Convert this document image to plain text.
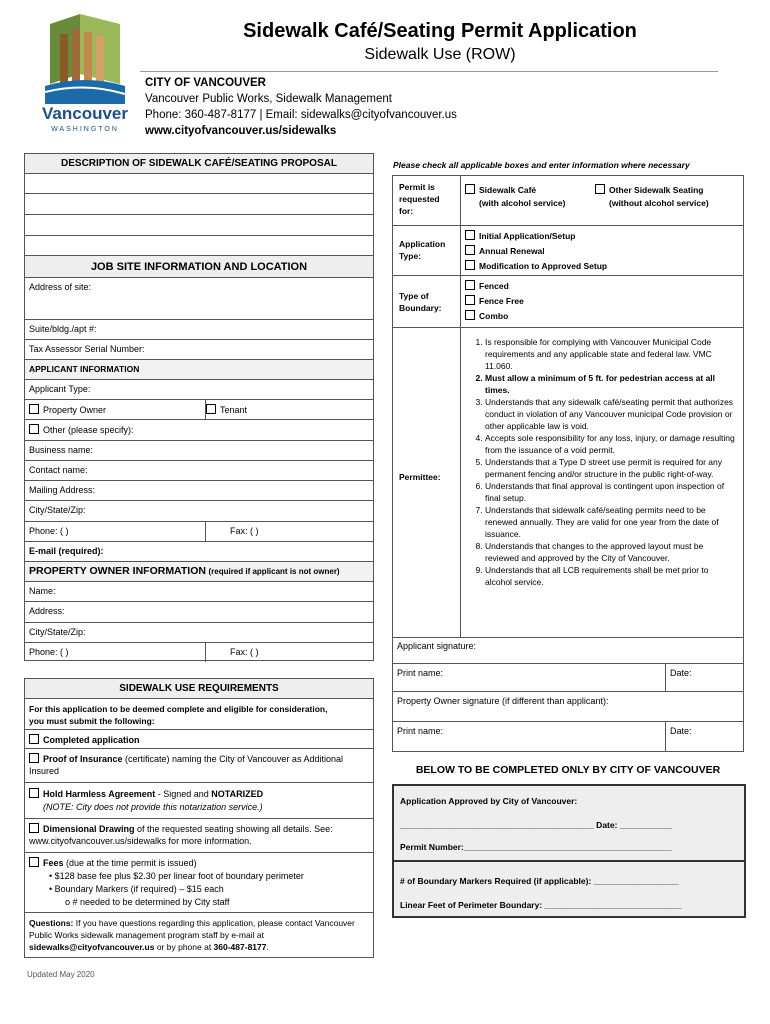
Vancouver
WASHINGTON
Sidewalk Café/Seating Permit Application
Sidewalk Use (ROW)
CITY OF VANCOUVER
Vancouver Public Works, Sidewalk Management
Phone: 360-487-8177 | Email: sidewalks@cityofvancouver.us
www.cityofvancouver.us/sidewalks
DESCRIPTION OF SIDEWALK CAFÉ/SEATING PROPOSAL
JOB SITE INFORMATION AND LOCATION
Address of site:
Suite/bldg./apt #:
Tax Assessor Serial Number:
APPLICANT INFORMATION
Applicant Type:
Property Owner	Tenant
Other (please specify):
Business name:
Contact name:
Mailing Address:
City/State/Zip:
Phone: ( )	Fax: ( )
E-mail (required):
PROPERTY OWNER INFORMATION (required if applicant is not owner)
Name:
Address:
City/State/Zip:
Phone: ( )	Fax: ( )
SIDEWALK USE REQUIREMENTS
For this application to be deemed complete and eligible for consideration, you must submit the following:
Completed application
Proof of Insurance (certificate) naming the City of Vancouver as Additional Insured
Hold Harmless Agreement - Signed and NOTARIZED
(NOTE: City does not provide this notarization service.)
Dimensional Drawing of the requested seating showing all details. See: www.cityofvancouver.us/sidewalks for more information.
Fees (due at the time permit is issued)
• $128 base fee plus $2.30 per linear foot of boundary perimeter
• Boundary Markers (if required) – $15 each
o # needed to be determined by City staff
Questions: If you have questions regarding this application, please contact Vancouver Public Works sidewalk management program staff by e-mail at sidewalks@cityofvancouver.us or by phone at 360-487-8177.
Updated May 2020
Please check all applicable boxes and enter information where necessary
Permit is requested for:
Sidewalk Café
(with alcohol service)
Other Sidewalk Seating
(without alcohol service)
Application Type:
Initial Application/Setup
Annual Renewal
Modification to Approved Setup
Type of Boundary:
Fenced
Fence Free
Combo
Permittee:
1. Is responsible for complying with Vancouver Municipal Code requirements and any applicable state and federal law. VMC 11.060.
2. Must allow a minimum of 5 ft. for pedestrian access at all times.
3. Understands that any sidewalk café/seating permit that authorizes conduct in violation of any Vancouver municipal Code provision or other applicable law is void.
4. Accepts sole responsibility for any loss, injury, or damage resulting from the issuance of a void permit.
5. Understands that a Type D street use permit is required for any permanent fencing and/or structure in the public right-of-way.
6. Understands that final approval is contingent upon inspection of final setup.
7. Understands that sidewalk café/seating permits need to be renewed annually. They are valid for one year from the date of issuance.
8. Understands that changes to the approved layout must be reviewed and approved by the City of Vancouver.
9. Understands that all LCB requirements shall be met prior to alcohol service.
Applicant signature:
Print name:	Date:
Property Owner signature (if different than applicant):
Print name:	Date:
BELOW TO BE COMPLETED ONLY BY CITY OF VANCOUVER
Application Approved by City of Vancouver:
_________________________________________ Date: ___________
Permit Number:____________________________________________
# of Boundary Markers Required (if applicable): __________________
Linear Feet of Perimeter Boundary: _____________________________
